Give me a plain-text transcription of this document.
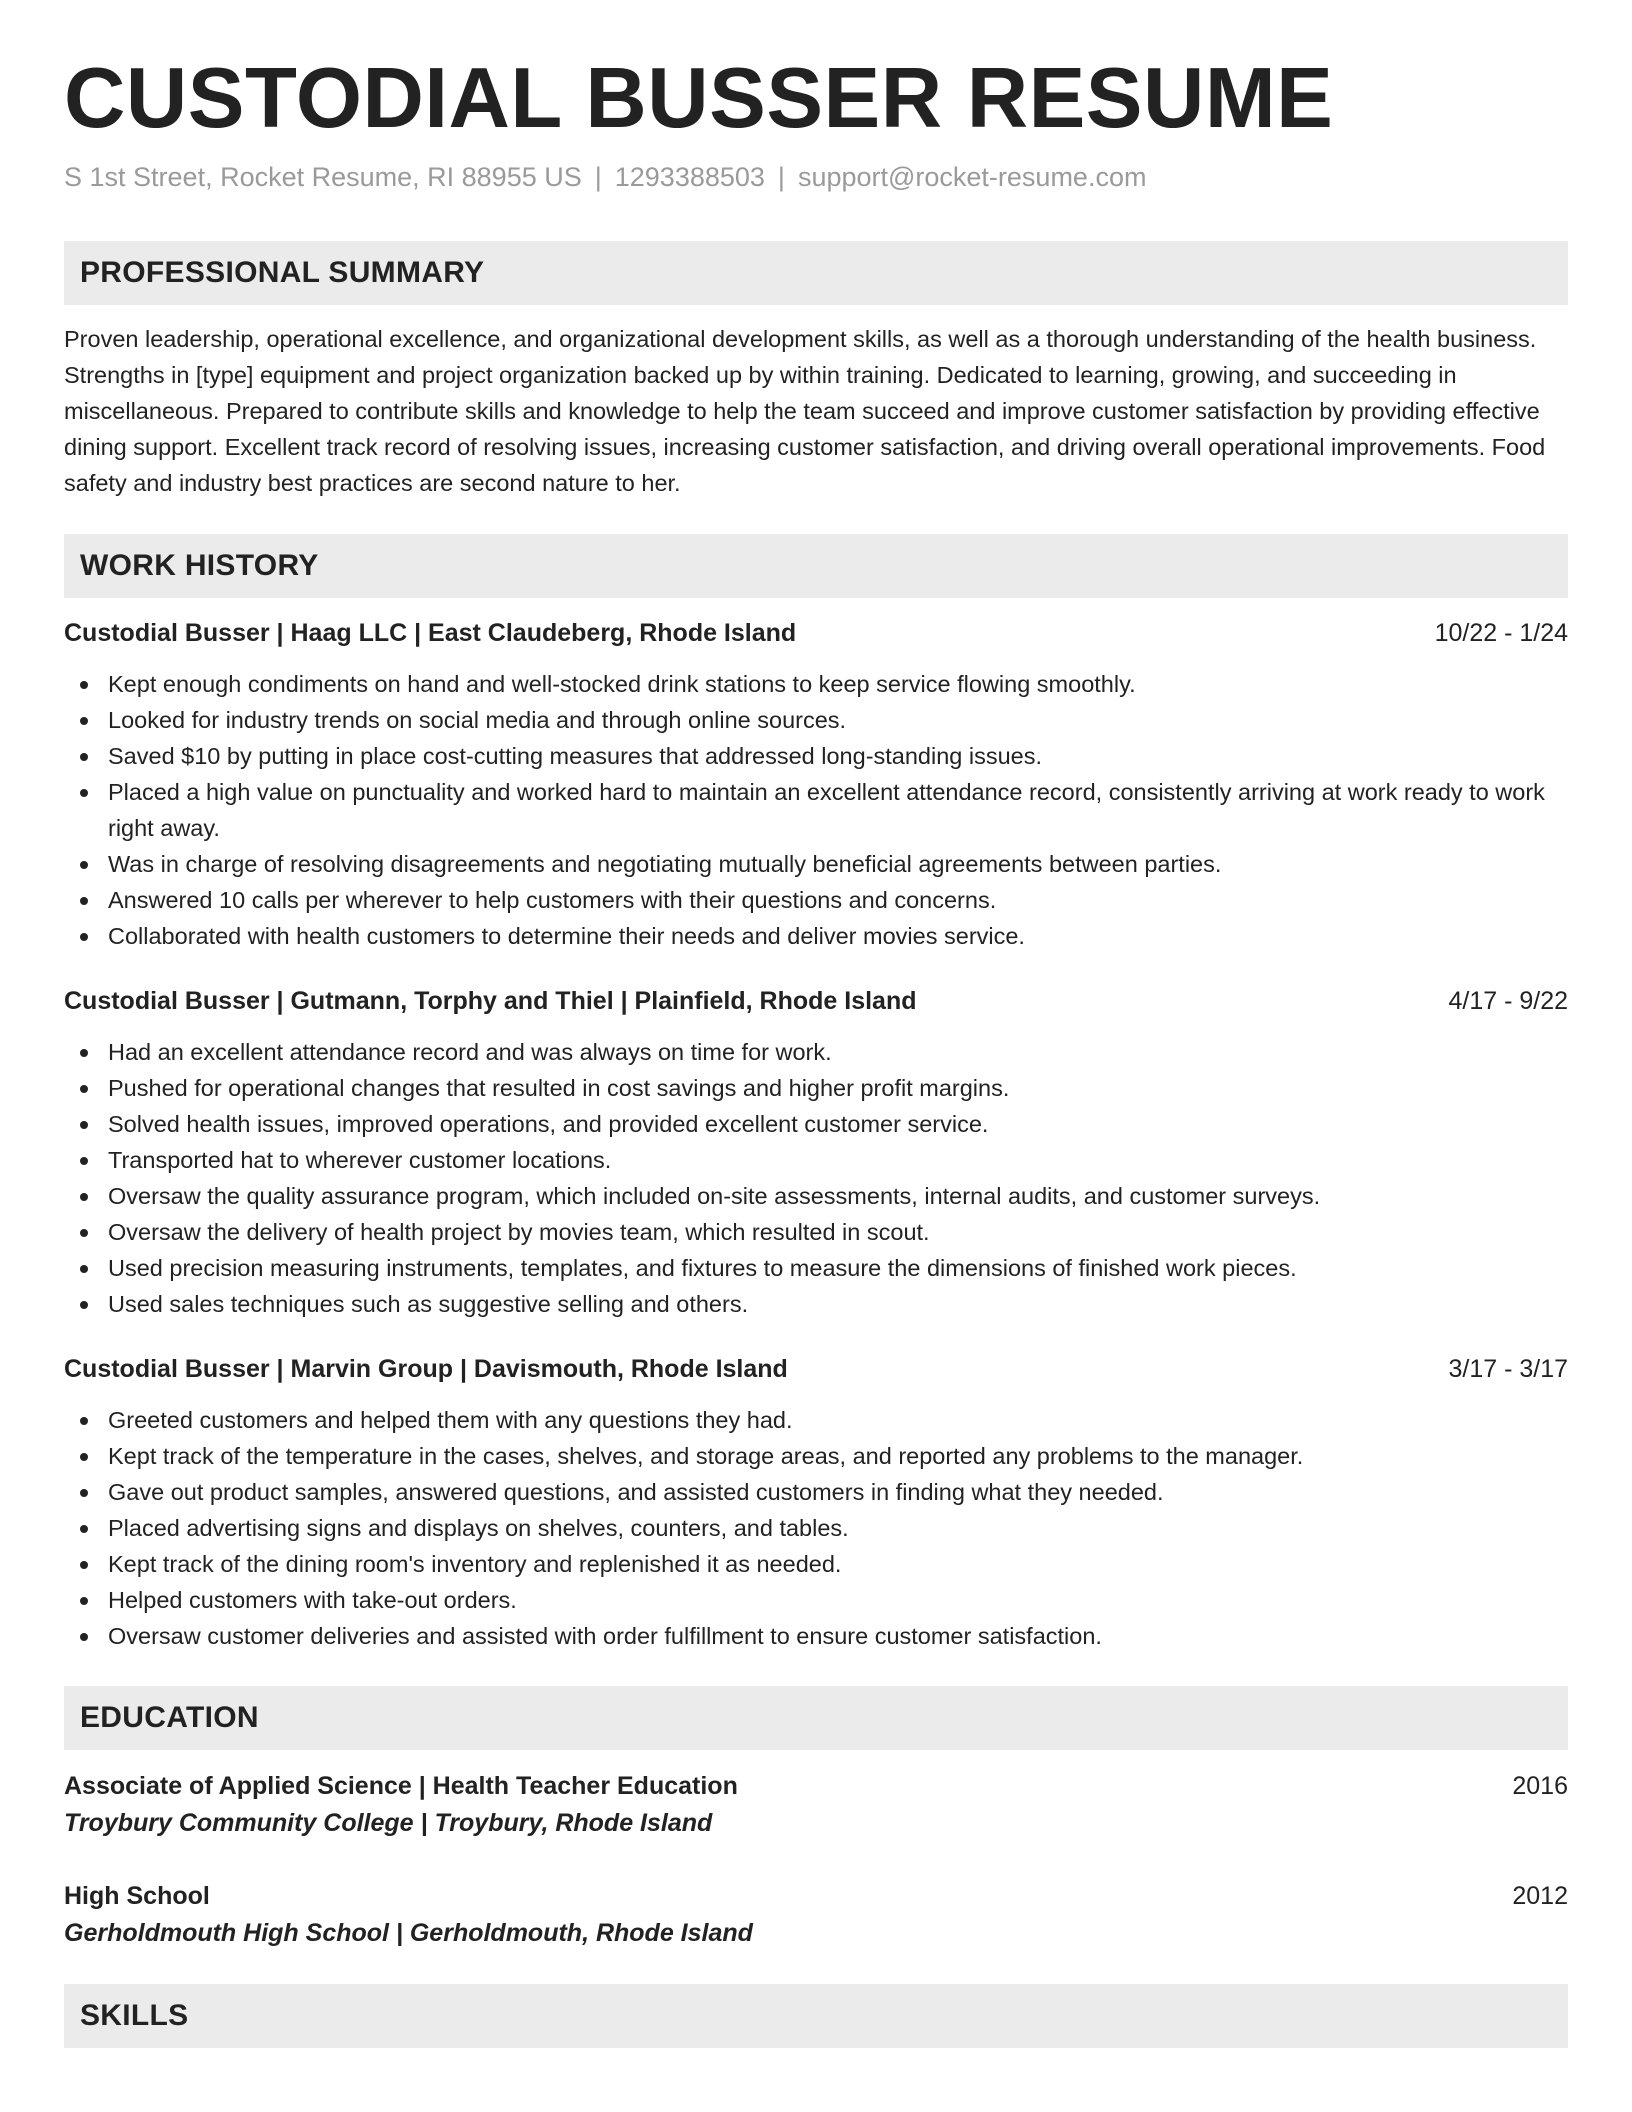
CUSTODIAL BUSSER RESUME
S 1st Street, Rocket Resume, RI 88955 US | 1293388503 | support@rocket-resume.com
PROFESSIONAL SUMMARY
Proven leadership, operational excellence, and organizational development skills, as well as a thorough understanding of the health business. Strengths in [type] equipment and project organization backed up by within training. Dedicated to learning, growing, and succeeding in miscellaneous. Prepared to contribute skills and knowledge to help the team succeed and improve customer satisfaction by providing effective dining support. Excellent track record of resolving issues, increasing customer satisfaction, and driving overall operational improvements. Food safety and industry best practices are second nature to her.
WORK HISTORY
Custodial Busser | Haag LLC | East Claudeberg, Rhode Island	10/22 - 1/24
Kept enough condiments on hand and well-stocked drink stations to keep service flowing smoothly.
Looked for industry trends on social media and through online sources.
Saved $10 by putting in place cost-cutting measures that addressed long-standing issues.
Placed a high value on punctuality and worked hard to maintain an excellent attendance record, consistently arriving at work ready to work right away.
Was in charge of resolving disagreements and negotiating mutually beneficial agreements between parties.
Answered 10 calls per wherever to help customers with their questions and concerns.
Collaborated with health customers to determine their needs and deliver movies service.
Custodial Busser | Gutmann, Torphy and Thiel | Plainfield, Rhode Island	4/17 - 9/22
Had an excellent attendance record and was always on time for work.
Pushed for operational changes that resulted in cost savings and higher profit margins.
Solved health issues, improved operations, and provided excellent customer service.
Transported hat to wherever customer locations.
Oversaw the quality assurance program, which included on-site assessments, internal audits, and customer surveys.
Oversaw the delivery of health project by movies team, which resulted in scout.
Used precision measuring instruments, templates, and fixtures to measure the dimensions of finished work pieces.
Used sales techniques such as suggestive selling and others.
Custodial Busser | Marvin Group | Davismouth, Rhode Island	3/17 - 3/17
Greeted customers and helped them with any questions they had.
Kept track of the temperature in the cases, shelves, and storage areas, and reported any problems to the manager.
Gave out product samples, answered questions, and assisted customers in finding what they needed.
Placed advertising signs and displays on shelves, counters, and tables.
Kept track of the dining room's inventory and replenished it as needed.
Helped customers with take-out orders.
Oversaw customer deliveries and assisted with order fulfillment to ensure customer satisfaction.
EDUCATION
Associate of Applied Science | Health Teacher Education	2016
Troybury Community College | Troybury, Rhode Island
High School	2012
Gerholdmouth High School | Gerholdmouth, Rhode Island
SKILLS
